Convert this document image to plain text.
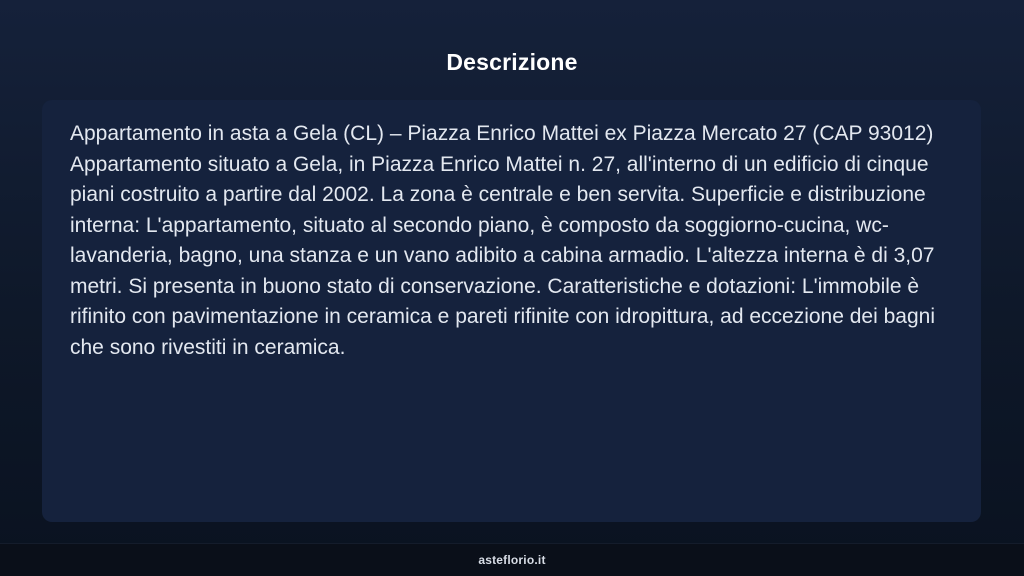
Descrizione

Appartamento in asta a Gela (CL) – Piazza Enrico Mattei ex Piazza Mercato 27 (CAP 93012) Appartamento situato a Gela, in Piazza Enrico Mattei n. 27, all'interno di un edificio di cinque piani costruito a partire dal 2002. La zona è centrale e ben servita. Superficie e distribuzione interna: L'appartamento, situato al secondo piano, è composto da soggiorno-cucina, wc-lavanderia, bagno, una stanza e un vano adibito a cabina armadio. L'altezza interna è di 3,07 metri. Si presenta in buono stato di conservazione. Caratteristiche e dotazioni: L'immobile è rifinito con pavimentazione in ceramica e pareti rifinite con idropittura, ad eccezione dei bagni che sono rivestiti in ceramica.

asteflorio.it
